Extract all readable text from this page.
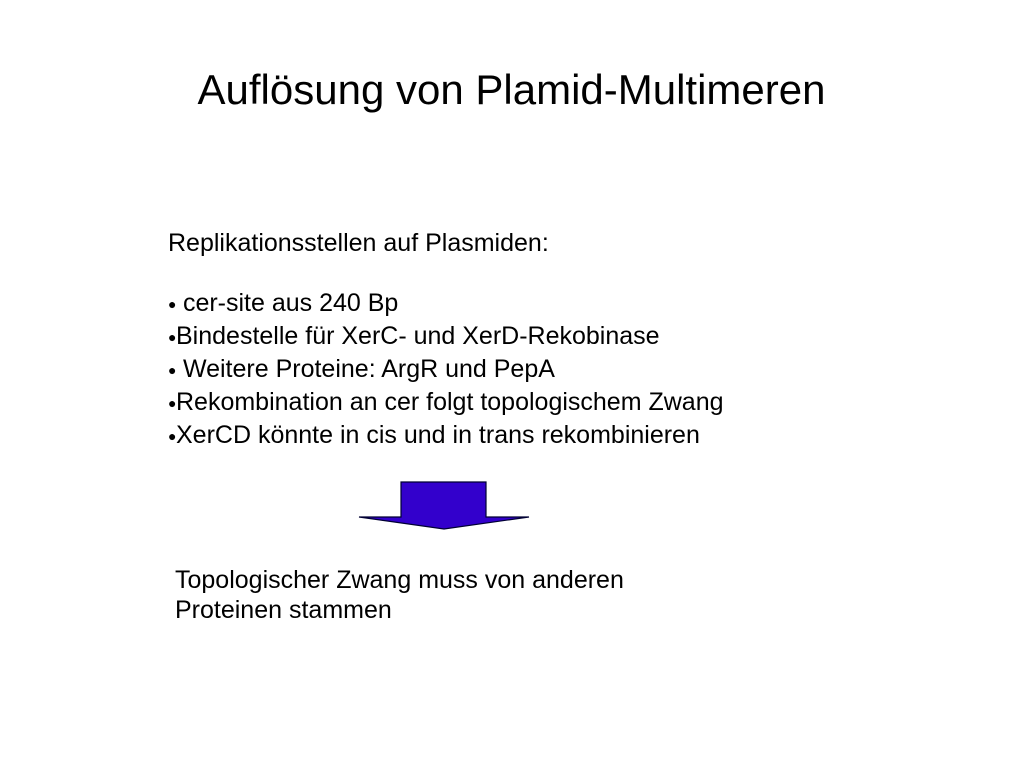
Auflösung von Plamid-Multimeren
Replikationsstellen auf Plasmiden:
● cer-site aus 240 Bp
● Bindestelle für XerC- und XerD-Rekobinase
● Weitere Proteine: ArgR und PepA
● Rekombination an cer folgt topologischem Zwang
● XerCD könnte in cis und in trans rekombinieren
Topologischer Zwang muss von anderen
Proteinen stammen
